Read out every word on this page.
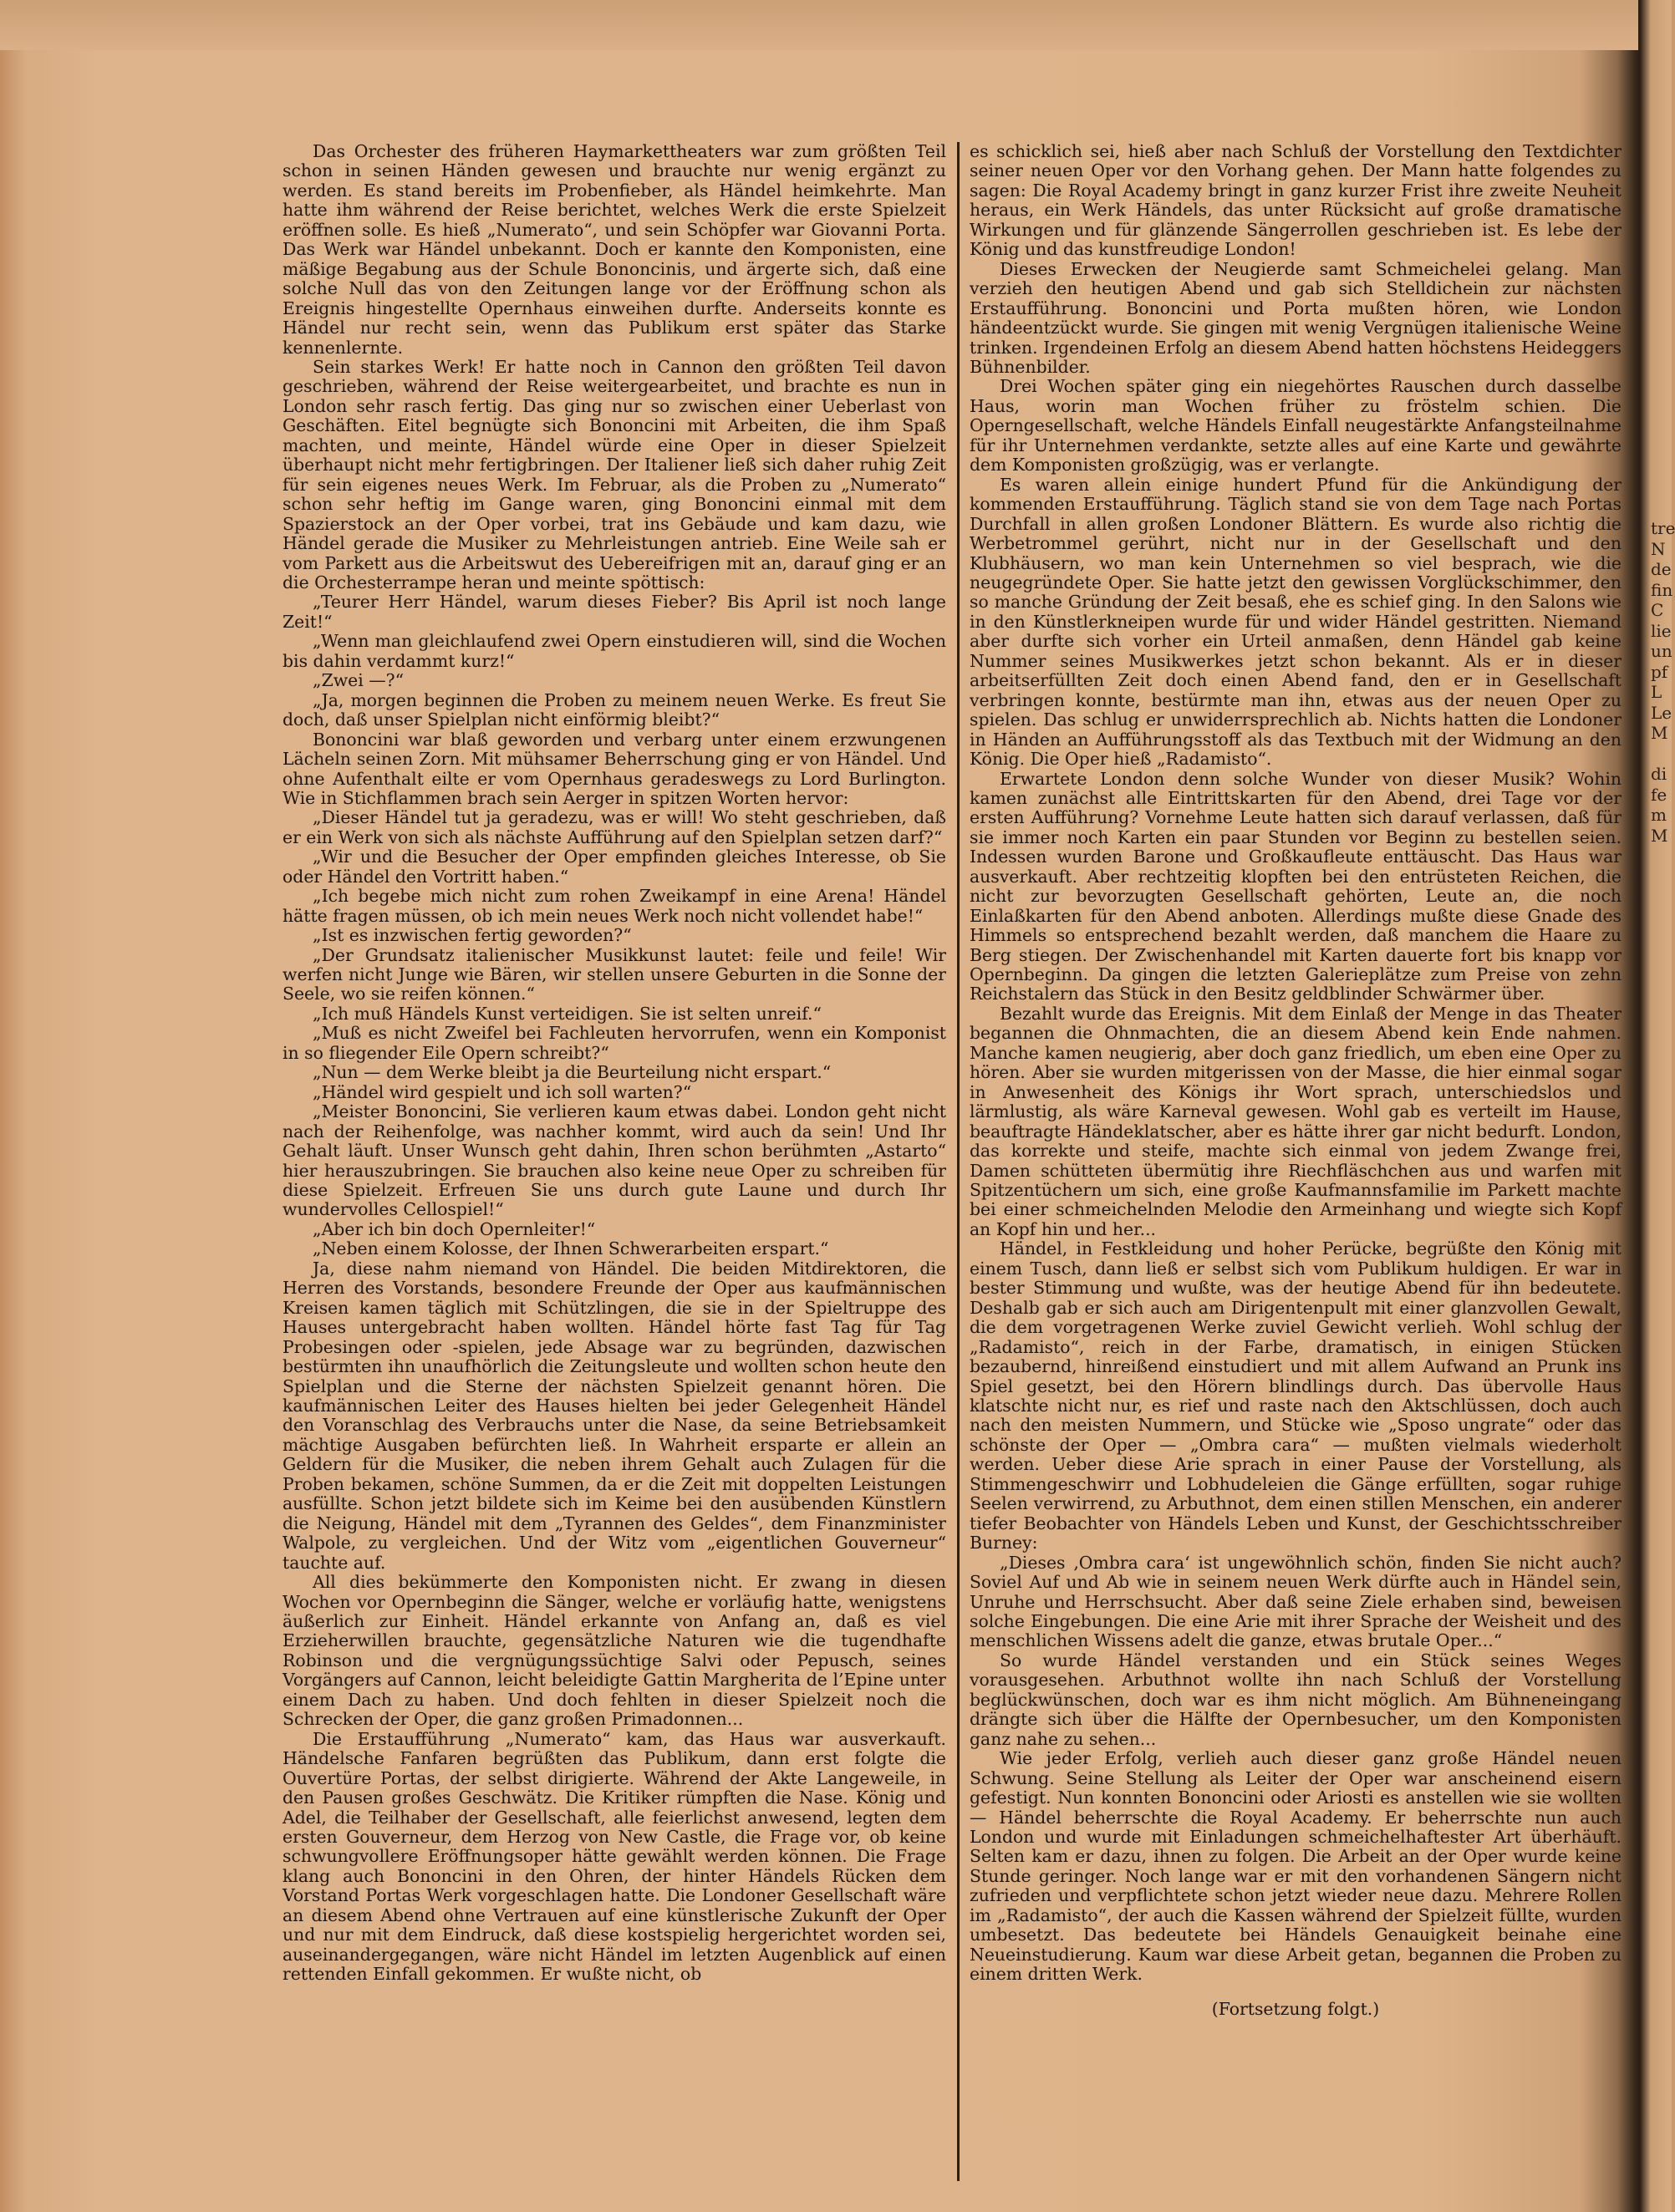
Das Orchester des früheren Haymarkettheaters war zum größten Teil schon in seinen Händen gewesen und brauchte nur wenig ergänzt zu werden. Es stand bereits im Probenfieber, als Händel heimkehrte. Man hatte ihm während der Reise berichtet, welches Werk die erste Spielzeit eröffnen solle. Es hieß „Numerato“, und sein Schöpfer war Giovanni Porta. Das Werk war Händel unbekannt. Doch er kannte den Komponisten, eine mäßige Begabung aus der Schule Bononcinis, und ärgerte sich, daß eine solche Null das von den Zeitungen lange vor der Eröffnung schon als Ereignis hingestellte Opernhaus einweihen durfte. Anderseits konnte es Händel nur recht sein, wenn das Publikum erst später das Starke kennenlernte.

Sein starkes Werk! Er hatte noch in Cannon den größten Teil davon geschrieben, während der Reise weitergearbeitet, und brachte es nun in London sehr rasch fertig. Das ging nur so zwischen einer Ueberlast von Geschäften. Eitel begnügte sich Bononcini mit Arbeiten, die ihm Spaß machten, und meinte, Händel würde eine Oper in dieser Spielzeit überhaupt nicht mehr fertigbringen. Der Italiener ließ sich daher ruhig Zeit für sein eigenes neues Werk. Im Februar, als die Proben zu „Numerato“ schon sehr heftig im Gange waren, ging Bononcini einmal mit dem Spazierstock an der Oper vorbei, trat ins Gebäude und kam dazu, wie Händel gerade die Musiker zu Mehrleistungen antrieb. Eine Weile sah er vom Parkett aus die Arbeitswut des Uebereifrigen mit an, darauf ging er an die Orchesterrampe heran und meinte spöttisch:

„Teurer Herr Händel, warum dieses Fieber? Bis April ist noch lange Zeit!“

„Wenn man gleichlaufend zwei Opern einstudieren will, sind die Wochen bis dahin verdammt kurz!“

„Zwei —?“

„Ja, morgen beginnen die Proben zu meinem neuen Werke. Es freut Sie doch, daß unser Spielplan nicht einförmig bleibt?“

Bononcini war blaß geworden und verbarg unter einem erzwungenen Lächeln seinen Zorn. Mit mühsamer Beherrschung ging er von Händel. Und ohne Aufenthalt eilte er vom Opernhaus geradeswegs zu Lord Burlington. Wie in Stichflammen brach sein Aerger in spitzen Worten hervor:

„Dieser Händel tut ja geradezu, was er will! Wo steht geschrieben, daß er ein Werk von sich als nächste Aufführung auf den Spielplan setzen darf?“

„Wir und die Besucher der Oper empfinden gleiches Interesse, ob Sie oder Händel den Vortritt haben.“

„Ich begebe mich nicht zum rohen Zweikampf in eine Arena! Händel hätte fragen müssen, ob ich mein neues Werk noch nicht vollendet habe!“

„Ist es inzwischen fertig geworden?“

„Der Grundsatz italienischer Musikkunst lautet: feile und feile! Wir werfen nicht Junge wie Bären, wir stellen unsere Geburten in die Sonne der Seele, wo sie reifen können.“

„Ich muß Händels Kunst verteidigen. Sie ist selten unreif.“

„Muß es nicht Zweifel bei Fachleuten hervorrufen, wenn ein Komponist in so fliegender Eile Opern schreibt?“

„Nun — dem Werke bleibt ja die Beurteilung nicht erspart.“

„Händel wird gespielt und ich soll warten?“

„Meister Bononcini, Sie verlieren kaum etwas dabei. London geht nicht nach der Reihenfolge, was nachher kommt, wird auch da sein! Und Ihr Gehalt läuft. Unser Wunsch geht dahin, Ihren schon berühmten „Astarto“ hier herauszubringen. Sie brauchen also keine neue Oper zu schreiben für diese Spielzeit. Erfreuen Sie uns durch gute Laune und durch Ihr wundervolles Cellospiel!“

„Aber ich bin doch Opernleiter!“

„Neben einem Kolosse, der Ihnen Schwerarbeiten erspart.“

Ja, diese nahm niemand von Händel. Die beiden Mitdirektoren, die Herren des Vorstands, besondere Freunde der Oper aus kaufmännischen Kreisen kamen täglich mit Schützlingen, die sie in der Spieltruppe des Hauses untergebracht haben wollten. Händel hörte fast Tag für Tag Probesingen oder -spielen, jede Absage war zu begründen, dazwischen bestürmten ihn unaufhörlich die Zeitungsleute und wollten schon heute den Spielplan und die Sterne der nächsten Spielzeit genannt hören. Die kaufmännischen Leiter des Hauses hielten bei jeder Gelegenheit Händel den Voranschlag des Verbrauchs unter die Nase, da seine Betriebsamkeit mächtige Ausgaben befürchten ließ. In Wahrheit ersparte er allein an Geldern für die Musiker, die neben ihrem Gehalt auch Zulagen für die Proben bekamen, schöne Summen, da er die Zeit mit doppelten Leistungen ausfüllte. Schon jetzt bildete sich im Keime bei den ausübenden Künstlern die Neigung, Händel mit dem „Tyrannen des Geldes“, dem Finanzminister Walpole, zu vergleichen. Und der Witz vom „eigentlichen Gouverneur“ tauchte auf.

All dies bekümmerte den Komponisten nicht. Er zwang in diesen Wochen vor Opernbeginn die Sänger, welche er vorläufig hatte, wenigstens äußerlich zur Einheit. Händel erkannte von Anfang an, daß es viel Erzieherwillen brauchte, gegensätzliche Naturen wie die tugendhafte Robinson und die vergnügungssüchtige Salvi oder Pepusch, seines Vorgängers auf Cannon, leicht beleidigte Gattin Margherita de l’Epine unter einem Dach zu haben. Und doch fehlten in dieser Spielzeit noch die Schrecken der Oper, die ganz großen Primadonnen...

Die Erstaufführung „Numerato“ kam, das Haus war ausverkauft. Händelsche Fanfaren begrüßten das Publikum, dann erst folgte die Ouvertüre Portas, der selbst dirigierte. Während der Akte Langeweile, in den Pausen großes Geschwätz. Die Kritiker rümpften die Nase. König und Adel, die Teilhaber der Gesellschaft, alle feierlichst anwesend, legten dem ersten Gouverneur, dem Herzog von New Castle, die Frage vor, ob keine schwungvollere Eröffnungsoper hätte gewählt werden können. Die Frage klang auch Bononcini in den Ohren, der hinter Händels Rücken dem Vorstand Portas Werk vorgeschlagen hatte. Die Londoner Gesellschaft wäre an diesem Abend ohne Vertrauen auf eine künstlerische Zukunft der Oper und nur mit dem Eindruck, daß diese kostspielig hergerichtet worden sei, auseinandergegangen, wäre nicht Händel im letzten Augenblick auf einen rettenden Einfall gekommen. Er wußte nicht, ob

es schicklich sei, hieß aber nach Schluß der Vorstellung den Textdichter seiner neuen Oper vor den Vorhang gehen. Der Mann hatte folgendes zu sagen: Die Royal Academy bringt in ganz kurzer Frist ihre zweite Neuheit heraus, ein Werk Händels, das unter Rücksicht auf große dramatische Wirkungen und für glänzende Sängerrollen geschrieben ist. Es lebe der König und das kunstfreudige London!

Dieses Erwecken der Neugierde samt Schmeichelei gelang. Man verzieh den heutigen Abend und gab sich Stelldichein zur nächsten Erstaufführung. Bononcini und Porta mußten hören, wie London händeentzückt wurde. Sie gingen mit wenig Vergnügen italienische Weine trinken. Irgendeinen Erfolg an diesem Abend hatten höchstens Heideggers Bühnenbilder.

Drei Wochen später ging ein niegehörtes Rauschen durch dasselbe Haus, worin man Wochen früher zu fröstelm schien. Die Operngesellschaft, welche Händels Einfall neugestärkte Anfangsteilnahme für ihr Unternehmen verdankte, setzte alles auf eine Karte und gewährte dem Komponisten großzügig, was er verlangte.

Es waren allein einige hundert Pfund für die Ankündigung der kommenden Erstaufführung. Täglich stand sie von dem Tage nach Portas Durchfall in allen großen Londoner Blättern. Es wurde also richtig die Werbetrommel gerührt, nicht nur in der Gesellschaft und den Klubhäusern, wo man kein Unternehmen so viel besprach, wie die neugegründete Oper. Sie hatte jetzt den gewissen Vorglückschimmer, den so manche Gründung der Zeit besaß, ehe es schief ging. In den Salons wie in den Künstlerkneipen wurde für und wider Händel gestritten. Niemand aber durfte sich vorher ein Urteil anmaßen, denn Händel gab keine Nummer seines Musikwerkes jetzt schon bekannt. Als er in dieser arbeitserfüllten Zeit doch einen Abend fand, den er in Gesellschaft verbringen konnte, bestürmte man ihn, etwas aus der neuen Oper zu spielen. Das schlug er unwiderrsprechlich ab. Nichts hatten die Londoner in Händen an Aufführungsstoff als das Textbuch mit der Widmung an den König. Die Oper hieß „Radamisto“.

Erwartete London denn solche Wunder von dieser Musik? Wohin kamen zunächst alle Eintrittskarten für den Abend, drei Tage vor der ersten Aufführung? Vornehme Leute hatten sich darauf verlassen, daß für sie immer noch Karten ein paar Stunden vor Beginn zu bestellen seien. Indessen wurden Barone und Großkaufleute enttäuscht. Das Haus war ausverkauft. Aber rechtzeitig klopften bei den entrüsteten Reichen, die nicht zur bevorzugten Gesellschaft gehörten, Leute an, die noch Einlaßkarten für den Abend anboten. Allerdings mußte diese Gnade des Himmels so entsprechend bezahlt werden, daß manchem die Haare zu Berg stiegen. Der Zwischenhandel mit Karten dauerte fort bis knapp vor Opernbeginn. Da gingen die letzten Galerieplätze zum Preise von zehn Reichstalern das Stück in den Besitz geldblinder Schwärmer über.

Bezahlt wurde das Ereignis. Mit dem Einlaß der Menge in das Theater begannen die Ohnmachten, die an diesem Abend kein Ende nahmen. Manche kamen neugierig, aber doch ganz friedlich, um eben eine Oper zu hören. Aber sie wurden mitgerissen von der Masse, die hier einmal sogar in Anwesenheit des Königs ihr Wort sprach, unterschiedslos und lärmlustig, als wäre Karneval gewesen. Wohl gab es verteilt im Hause, beauftragte Händeklatscher, aber es hätte ihrer gar nicht bedurft. London, das korrekte und steife, machte sich einmal von jedem Zwange frei, Damen schütteten übermütig ihre Riechfläschchen aus und warfen mit Spitzentüchern um sich, eine große Kaufmannsfamilie im Parkett machte bei einer schmeichelnden Melodie den Armeinhang und wiegte sich Kopf an Kopf hin und her...

Händel, in Festkleidung und hoher Perücke, begrüßte den König mit einem Tusch, dann ließ er selbst sich vom Publikum huldigen. Er war in bester Stimmung und wußte, was der heutige Abend für ihn bedeutete. Deshalb gab er sich auch am Dirigentenpult mit einer glanzvollen Gewalt, die dem vorgetragenen Werke zuviel Gewicht verlieh. Wohl schlug der „Radamisto“, reich in der Farbe, dramatisch, in einigen Stücken bezaubernd, hinreißend einstudiert und mit allem Aufwand an Prunk ins Spiel gesetzt, bei den Hörern blindlings durch. Das übervolle Haus klatschte nicht nur, es rief und raste nach den Aktschlüssen, doch auch nach den meisten Nummern, und Stücke wie „Sposo ungrate“ oder das schönste der Oper — „Ombra cara“ — mußten vielmals wiederholt werden. Ueber diese Arie sprach in einer Pause der Vorstellung, als Stimmengeschwirr und Lobhudeleien die Gänge erfüllten, sogar ruhige Seelen verwirrend, zu Arbuthnot, dem einen stillen Menschen, ein anderer tiefer Beobachter von Händels Leben und Kunst, der Geschichtsschreiber Burney:

„Dieses ‚Ombra cara‘ ist ungewöhnlich schön, finden Sie nicht auch? Soviel Auf und Ab wie in seinem neuen Werk dürfte auch in Händel sein, Unruhe und Herrschsucht. Aber daß seine Ziele erhaben sind, beweisen solche Eingebungen. Die eine Arie mit ihrer Sprache der Weisheit und des menschlichen Wissens adelt die ganze, etwas brutale Oper...“

So wurde Händel verstanden und ein Stück seines Weges vorausgesehen. Arbuthnot wollte ihn nach Schluß der Vorstellung beglückwünschen, doch war es ihm nicht möglich. Am Bühneneingang drängte sich über die Hälfte der Opernbesucher, um den Komponisten ganz nahe zu sehen...

Wie jeder Erfolg, verlieh auch dieser ganz große Händel neuen Schwung. Seine Stellung als Leiter der Oper war anscheinend eisern gefestigt. Nun konnten Bononcini oder Ariosti es anstellen wie sie wollten — Händel beherrschte die Royal Academy. Er beherrschte nun auch London und wurde mit Einladungen schmeichelhaftester Art überhäuft. Selten kam er dazu, ihnen zu folgen. Die Arbeit an der Oper wurde keine Stunde geringer. Noch lange war er mit den vorhandenen Sängern nicht zufrieden und verpflichtete schon jetzt wieder neue dazu. Mehrere Rollen im „Radamisto“, der auch die Kassen während der Spielzeit füllte, wurden umbesetzt. Das bedeutete bei Händels Genauigkeit beinahe eine Neueinstudierung. Kaum war diese Arbeit getan, begannen die Proben zu einem dritten Werk.

(Fortsetzung folgt.)

tre
N
de
fin
C
lie
un
pf
L
Le
M

di
fe
m
M
